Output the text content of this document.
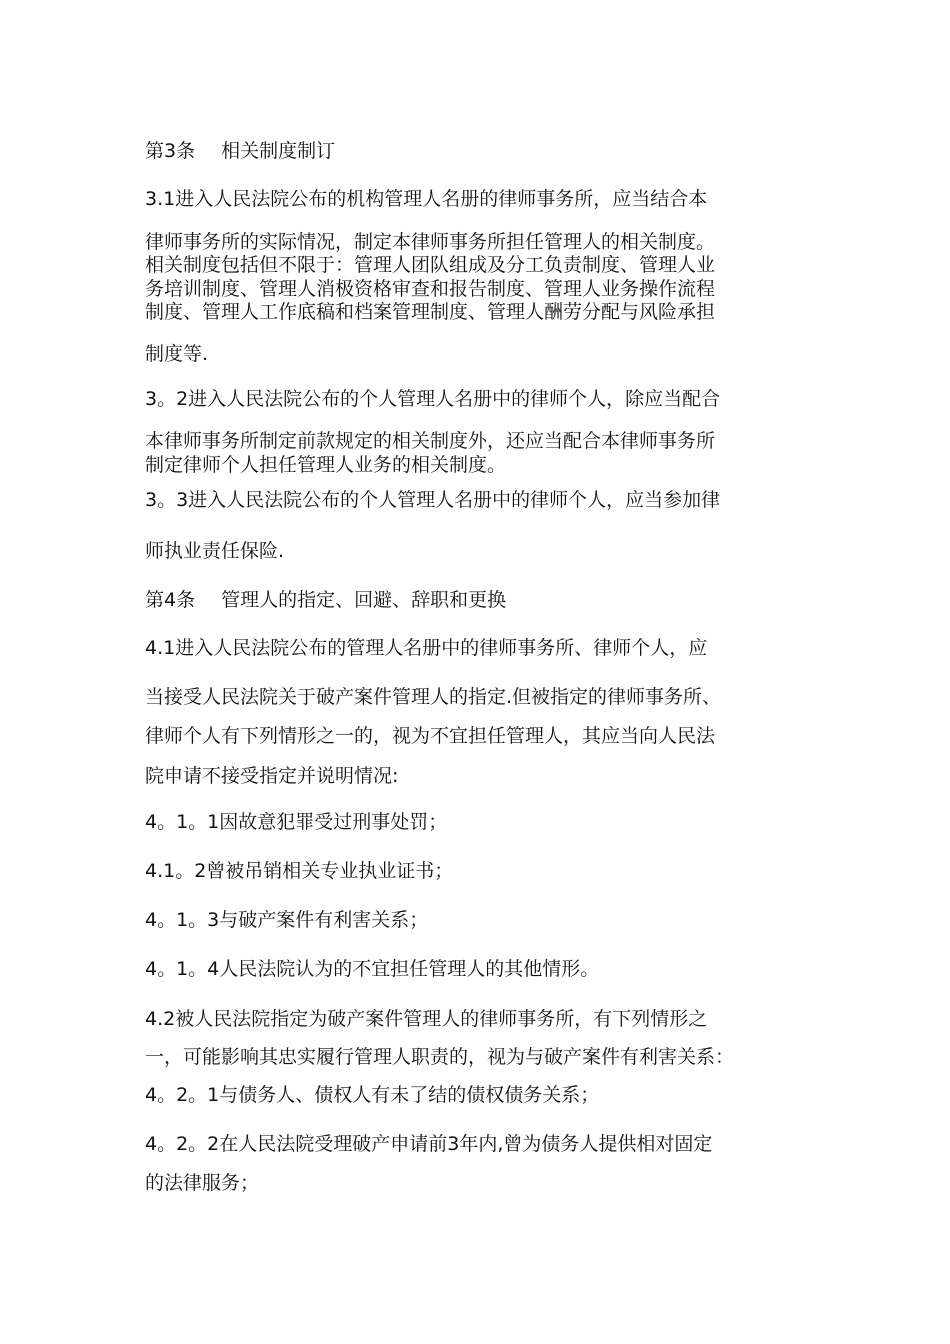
第3条 相关制度制订
3.1进入人民法院公布的机构管理人名册的律师事务所，应当结合本
律师事务所的实际情况，制定本律师事务所担任管理人的相关制度。
相关制度包括但不限于：管理人团队组成及分工负责制度、管理人业
务培训制度、管理人消极资格审查和报告制度、管理人业务操作流程
制度、管理人工作底稿和档案管理制度、管理人酬劳分配与风险承担
制度等.
3。2进入人民法院公布的个人管理人名册中的律师个人，除应当配合
本律师事务所制定前款规定的相关制度外，还应当配合本律师事务所
制定律师个人担任管理人业务的相关制度。
3。3进入人民法院公布的个人管理人名册中的律师个人，应当参加律
师执业责任保险.
第4条 管理人的指定、回避、辞职和更换
4.1进入人民法院公布的管理人名册中的律师事务所、律师个人，应
当接受人民法院关于破产案件管理人的指定.但被指定的律师事务所、
律师个人有下列情形之一的，视为不宜担任管理人，其应当向人民法
院申请不接受指定并说明情况:
4。1。1因故意犯罪受过刑事处罚；
4.1。2曾被吊销相关专业执业证书；
4。1。3与破产案件有利害关系；
4。1。4人民法院认为的不宜担任管理人的其他情形。
4.2被人民法院指定为破产案件管理人的律师事务所，有下列情形之
一，可能影响其忠实履行管理人职责的，视为与破产案件有利害关系：
4。2。1与债务人、债权人有未了结的债权债务关系；
4。2。2在人民法院受理破产申请前3年内,曾为债务人提供相对固定
的法律服务；
